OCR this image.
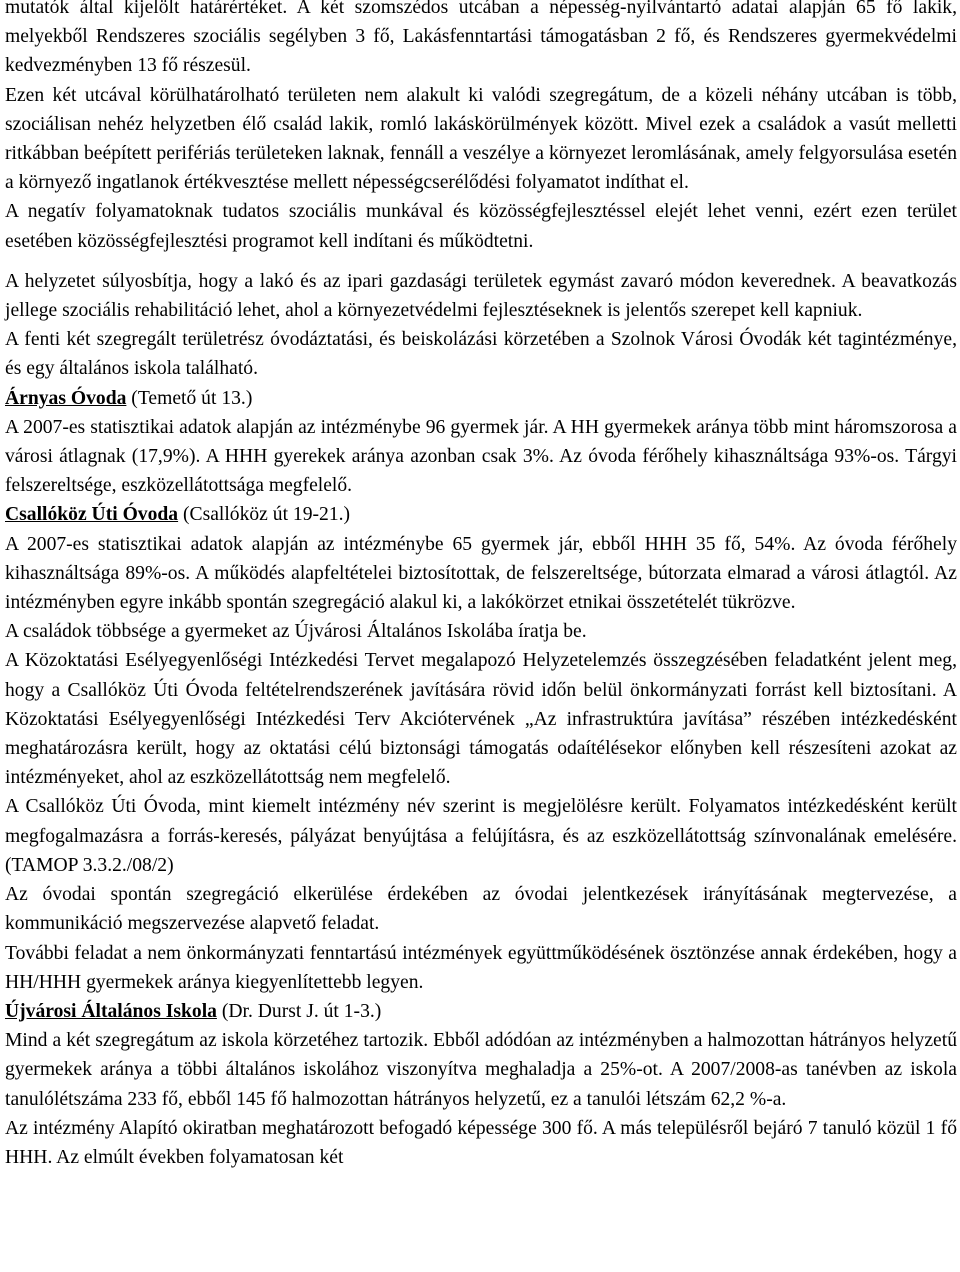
mutatók által kijelölt határértéket. A két szomszédos utcában a népesség-nyilvántartó adatai alapján 65 fő lakik, melyekből Rendszeres szociális segélyben 3 fő, Lakásfenntartási támogatásban 2 fő, és Rendszeres gyermekvédelmi kedvezményben 13 fő részesül.

Ezen két utcával körülhatárolható területen nem alakult ki valódi szegregátum, de a közeli néhány utcában is több, szociálisan nehéz helyzetben élő család lakik, romló lakáskörülmények között. Mivel ezek a családok a vasút melletti ritkábban beépített perifériás területeken laknak, fennáll a veszélye a környezet leromlásának, amely felgyorsulása esetén a környező ingatlanok értékvesztése mellett népességcserélődési folyamatot indíthat el.

A negatív folyamatoknak tudatos szociális munkával és közösségfejlesztéssel elejét lehet venni, ezért ezen terület esetében közösségfejlesztési programot kell indítani és működtetni.

A helyzetet súlyosbítja, hogy a lakó és az ipari gazdasági területek egymást zavaró módon keverednek. A beavatkozás jellege szociális rehabilitáció lehet, ahol a környezetvédelmi fejlesztéseknek is jelentős szerepet kell kapniuk.

A fenti két szegregált területrész óvodáztatási, és beiskolázási körzetében a Szolnok Városi Óvodák két tagintézménye, és egy általános iskola található.

Árnyas Óvoda (Temető út 13.)

A 2007-es statisztikai adatok alapján az intézménybe 96 gyermek jár. A HH gyermekek aránya több mint háromszorosa a városi átlagnak (17,9%). A HHH gyerekek aránya azonban csak 3%. Az óvoda férőhely kihasználtsága 93%-os. Tárgyi felszereltsége, eszközellátottsága megfelelő.

Csallóköz Úti Óvoda (Csallóköz út 19-21.)

A 2007-es statisztikai adatok alapján az intézménybe 65 gyermek jár, ebből HHH 35 fő, 54%. Az óvoda férőhely kihasználtsága 89%-os. A működés alapfeltételei biztosítottak, de felszereltsége, bútorzata elmarad a városi átlagtól. Az intézményben egyre inkább spontán szegregáció alakul ki, a lakókörzet etnikai összetételét tükrözve.

A családok többsége a gyermeket az Újvárosi Általános Iskolába íratja be.

A Közoktatási Esélyegyenlőségi Intézkedési Tervet megalapozó Helyzetelemzés összegzésében feladatként jelent meg, hogy a Csallóköz Úti Óvoda feltételrendszerének javítására rövid időn belül önkormányzati forrást kell biztosítani. A Közoktatási Esélyegyenlőségi Intézkedési Terv Akciótervének „Az infrastruktúra javítása” részében intézkedésként meghatározásra került, hogy az oktatási célú biztonsági támogatás odaítélésekor előnyben kell részesíteni azokat az intézményeket, ahol az eszközellátottság nem megfelelő.

A Csallóköz Úti Óvoda, mint kiemelt intézmény név szerint is megjelölésre került. Folyamatos intézkedésként került megfogalmazásra a forrás-keresés, pályázat benyújtása a felújításra, és az eszközellátottság színvonalának emelésére.(TAMOP 3.3.2./08/2)

Az óvodai spontán szegregáció elkerülése érdekében az óvodai jelentkezések irányításának megtervezése, a kommunikáció megszervezése alapvető feladat.

További feladat a nem önkormányzati fenntartású intézmények együttműködésének ösztönzése annak érdekében, hogy a HH/HHH gyermekek aránya kiegyenlítettebb legyen.

Újvárosi Általános Iskola (Dr. Durst J. út 1-3.)

Mind a két szegregátum az iskola körzetéhez tartozik. Ebből adódóan az intézményben a halmozottan hátrányos helyzetű gyermekek aránya a többi általános iskolához viszonyítva meghaladja a 25%-ot. A 2007/2008-as tanévben az iskola tanulólétszáma 233 fő, ebből 145 fő halmozottan hátrányos helyzetű, ez a tanulói létszám 62,2 %-a.

Az intézmény Alapító okiratban meghatározott befogadó képessége 300 fő. A más településről bejáró 7 tanuló közül 1 fő HHH. Az elmúlt években folyamatosan két
